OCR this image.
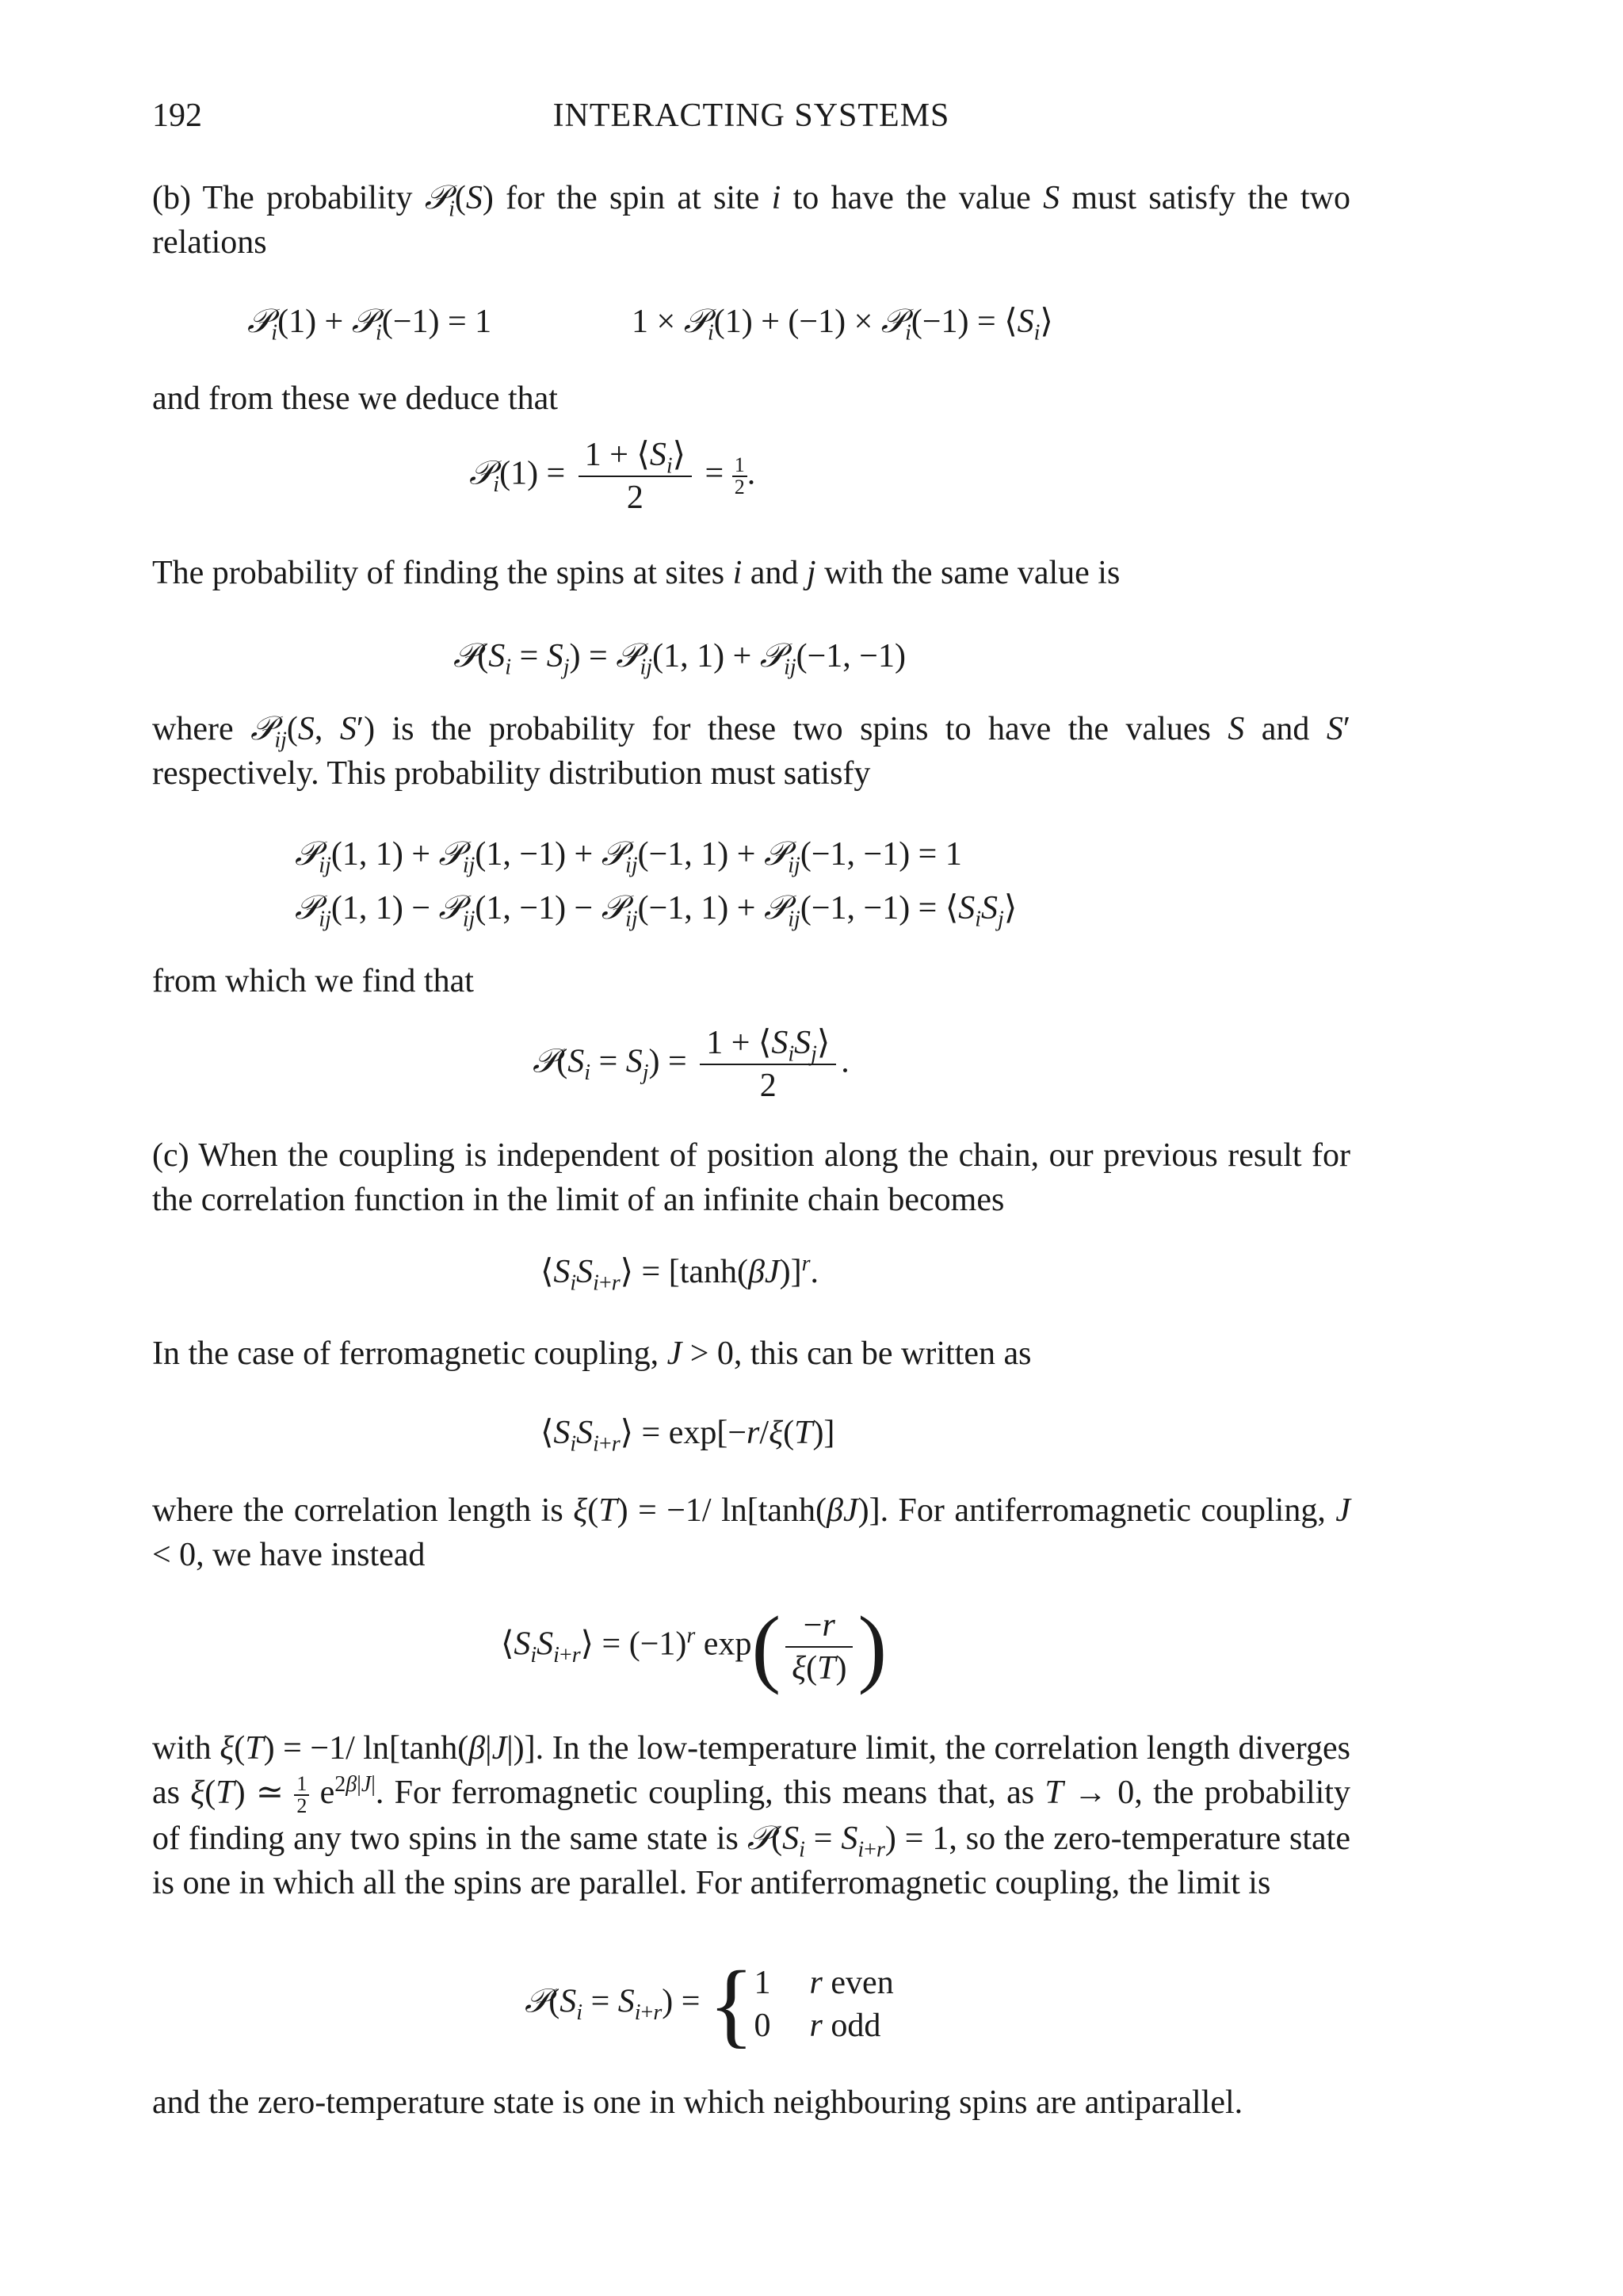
192	INTERACTING SYSTEMS
(b) The probability 𝒫$_i$(S) for the spin at site i to have the value S must satisfy the two relations
𝒫$_i$(1) + 𝒫$_i$(−1) = 1	1 × 𝒫$_i$(1) + (−1) × 𝒫$_i$(−1) = $⟨S_i⟩$
and from these we deduce that
𝒫$_i$(1) = $\frac{1 + ⟨S_i⟩}{2} = \frac{1}{2}$ .
The probability of finding the spins at sites i and j with the same value is
$𝒫(S_i = S_j)$ = 𝒫$_{ij}$(1, 1) + 𝒫$_{ij}$(−1, −1)
where 𝒫$_{ij}$(S, S′) is the probability for these two spins to have the values S and S′ respectively. This probability distribution must satisfy
𝒫$_{ij}$(1, 1) + 𝒫$_{ij}$(1, −1) + 𝒫$_{ij}$(−1, 1) + 𝒫$_{ij}$(−1, −1) = 1
𝒫$_{ij}$(1, 1) − 𝒫$_{ij}$(1, −1) − 𝒫$_{ij}$(−1, 1) + 𝒫$_{ij}$(−1, $-1) = ⟨S_iS_j⟩$
from which we find that
$𝒫(S_i = S_j) = \frac{1 + ⟨S_iS_j⟩}{2}$ .
(c) When the coupling is independent of position along the chain, our previous result for the correlation function in the limit of an infinite chain becomes
$⟨S_iS_{i+r}⟩ = [\tanh(\beta J)]^r$.
In the case of ferromagnetic coupling, J > 0, this can be written as
$⟨S_iS_{i+r}⟩ = \exp[-r/\xi(T)]$
where the correlation length is ξ(T) = −1/ ln[tanh(βJ)]. For antiferromagnetic coupling, J < 0, we have instead
$⟨S_iS_{i+r}⟩ = (-1)^r$ $\exp( \frac{-r}{\xi(T)}$ )
with ξ(T) = −1/ ln[tanh(β|J|)]. In the low-temperature limit, the correlation length diverges as ξ(T) ≃ $\frac{1}{2} e^{2\beta|J|}$. For ferromagnetic coupling, this means that, as T → 0, the probability of finding any two spins in the same state is $𝒫(S_i = S_{i+r}) = 1$, so the zero-temperature state is one in which all the spins are parallel. For antiferromagnetic coupling, the limit is
$𝒫(S_i = S_{i+r})$ = { 1 r even
0 r odd
and the zero-temperature state is one in which neighbouring spins are antiparallel.
